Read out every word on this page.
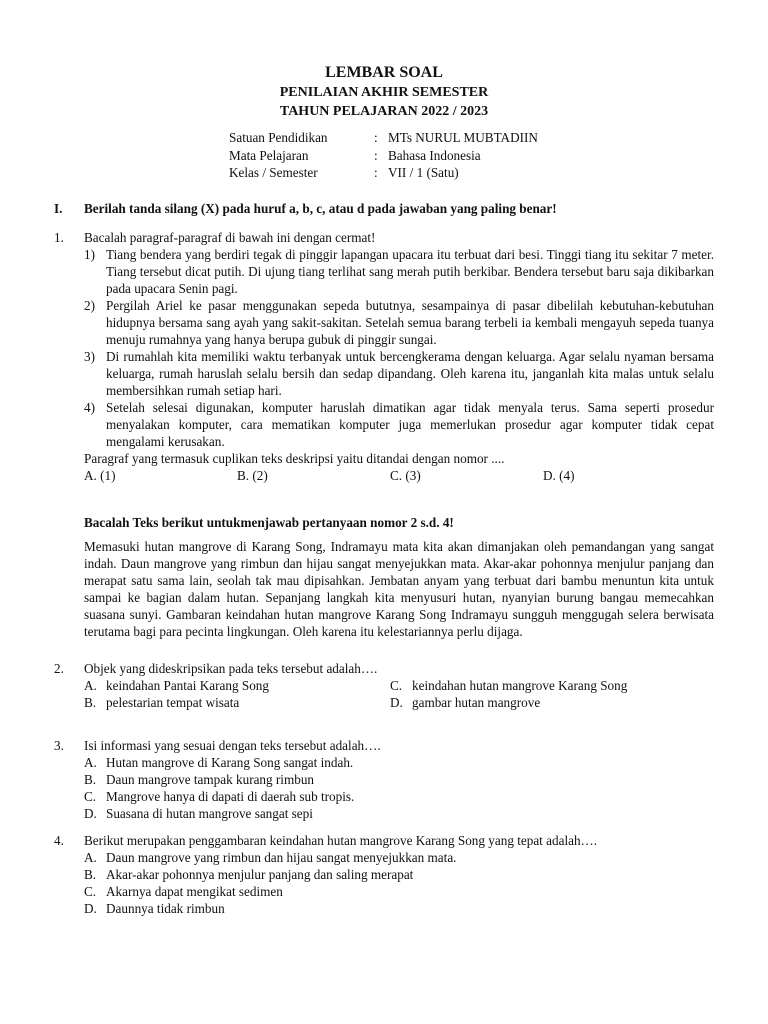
LEMBAR SOAL
PENILAIAN AKHIR SEMESTER
TAHUN PELAJARAN 2022 / 2023
Satuan Pendidikan	: MTs NURUL MUBTADIIN
Mata Pelajaran	: Bahasa Indonesia
Kelas / Semester	: VII / 1 (Satu)
I.	Berilah tanda silang (X) pada huruf a, b, c, atau d pada jawaban yang paling benar!
1.	Bacalah paragraf-paragraf di bawah ini dengan cermat!
1) Tiang bendera yang berdiri tegak di pinggir lapangan upacara itu terbuat dari besi. Tinggi tiang itu sekitar 7 meter. Tiang tersebut dicat putih. Di ujung tiang terlihat sang merah putih berkibar. Bendera tersebut baru saja dikibarkan pada upacara Senin pagi.
2) Pergilah Ariel ke pasar menggunakan sepeda bututnya, sesampainya di pasar dibelilah kebutuhan-kebutuhan hidupnya bersama sang ayah yang sakit-sakitan. Setelah semua barang terbeli ia kembali mengayuh sepeda tuanya menuju rumahnya yang hanya berupa gubuk di pinggir sungai.
3) Di rumahlah kita memiliki waktu terbanyak untuk bercengkerama dengan keluarga. Agar selalu nyaman bersama keluarga, rumah haruslah selalu bersih dan sedap dipandang. Oleh karena itu, janganlah kita malas untuk selalu membersihkan rumah setiap hari.
4) Setelah selesai digunakan, komputer haruslah dimatikan agar tidak menyala terus. Sama seperti prosedur menyalakan komputer, cara mematikan komputer juga memerlukan prosedur agar komputer tidak cepat mengalami kerusakan.
Paragraf yang termasuk cuplikan teks deskripsi yaitu ditandai dengan nomor ....
A. (1)	B. (2)	C. (3)	D. (4)
Bacalah Teks berikut untukmenjawab pertanyaan nomor 2 s.d. 4!
Memasuki hutan mangrove di Karang Song, Indramayu mata kita akan dimanjakan oleh pemandangan yang sangat indah. Daun mangrove yang rimbun dan hijau sangat menyejukkan mata. Akar-akar pohonnya menjulur panjang dan merapat satu sama lain, seolah tak mau dipisahkan. Jembatan anyam yang terbuat dari bambu menuntun kita untuk sampai ke bagian dalam hutan. Sepanjang langkah kita menyusuri hutan, nyanyian burung bangau memecahkan suasana sunyi. Gambaran keindahan hutan mangrove Karang Song Indramayu sungguh menggugah selera berwisata terutama bagi para pecinta lingkungan. Oleh karena itu kelestariannya perlu dijaga.
2.	Objek yang dideskripsikan pada teks tersebut adalah….
A. keindahan Pantai Karang Song	C. keindahan hutan mangrove Karang Song
B. pelestarian tempat wisata	D. gambar hutan mangrove
3.	Isi informasi yang sesuai dengan teks tersebut adalah….
A. Hutan mangrove di Karang Song sangat indah.
B. Daun mangrove tampak kurang rimbun
C. Mangrove hanya di dapati di daerah sub tropis.
D. Suasana di hutan mangrove sangat sepi
4.	Berikut merupakan penggambaran keindahan hutan mangrove Karang Song yang tepat adalah….
A. Daun mangrove yang rimbun dan hijau sangat menyejukkan mata.
B. Akar-akar pohonnya menjulur panjang dan saling merapat
C. Akarnya dapat mengikat sedimen
D. Daunnya tidak rimbun
